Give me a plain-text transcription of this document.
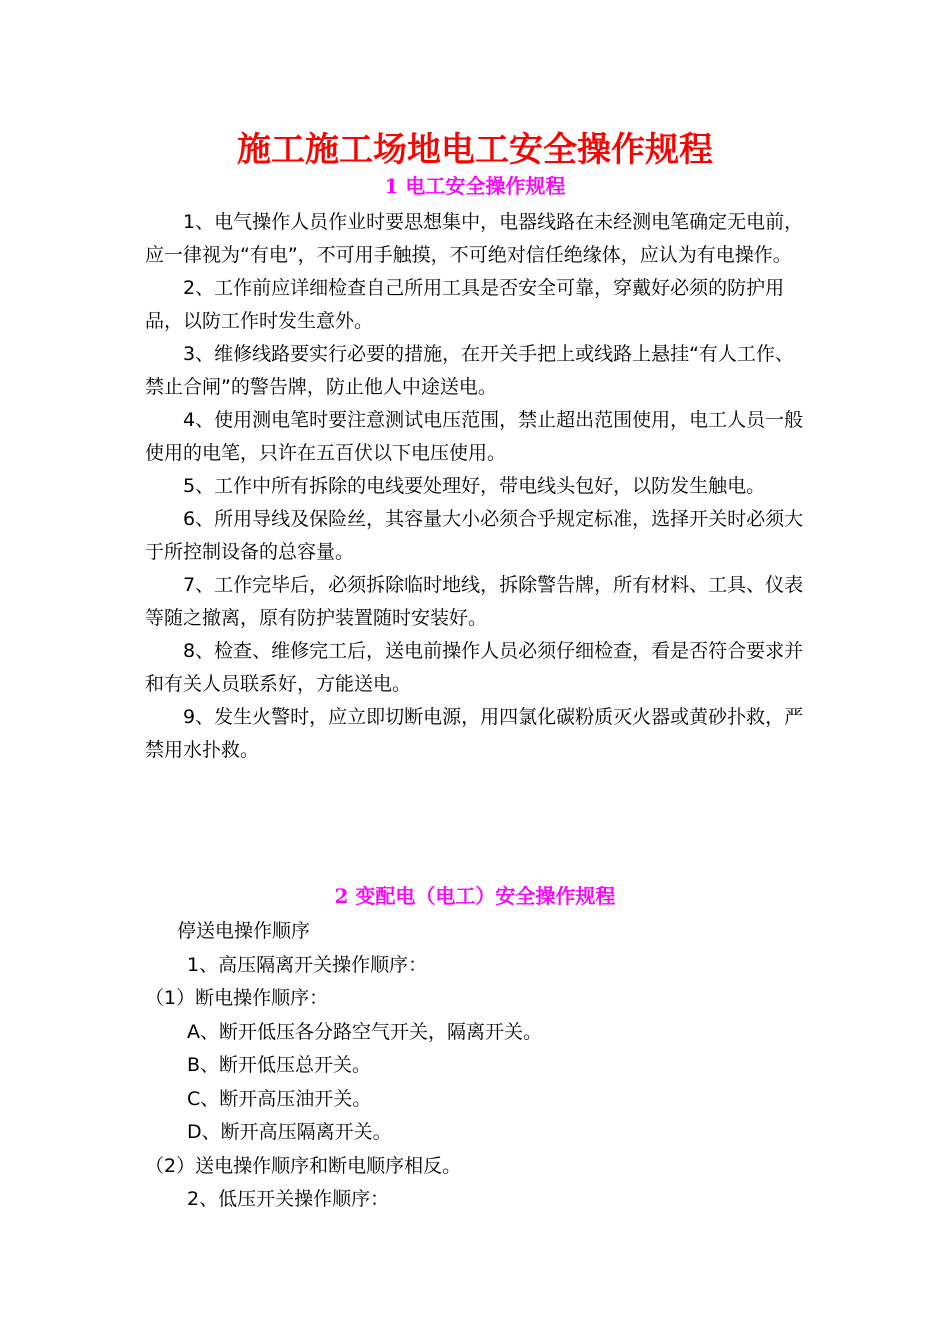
施工施工场地电工安全操作规程
1 电工安全操作规程

1、电气操作人员作业时要思想集中，电器线路在未经测电笔确定无电前，应一律视为“有电”，不可用手触摸，不可绝对信任绝缘体，应认为有电操作。

2、工作前应详细检查自己所用工具是否安全可靠，穿戴好必须的防护用品，以防工作时发生意外。

3、维修线路要实行必要的措施，在开关手把上或线路上悬挂“有人工作、禁止合闸”的警告牌，防止他人中途送电。

4、使用测电笔时要注意测试电压范围，禁止超出范围使用，电工人员一般使用的电笔，只许在五百伏以下电压使用。

5、工作中所有拆除的电线要处理好，带电线头包好，以防发生触电。

6、所用导线及保险丝，其容量大小必须合乎规定标准，选择开关时必须大于所控制设备的总容量。

7、工作完毕后，必须拆除临时地线，拆除警告牌，所有材料、工具、仪表等随之撤离，原有防护装置随时安装好。

8、检查、维修完工后，送电前操作人员必须仔细检查，看是否符合要求并和有关人员联系好，方能送电。

9、发生火警时，应立即切断电源，用四氯化碳粉质灭火器或黄砂扑救，严禁用水扑救。

2 变配电（电工）安全操作规程

停送电操作顺序

1、高压隔离开关操作顺序：

（1）断电操作顺序：

A、断开低压各分路空气开关，隔离开关。

B、断开低压总开关。

C、断开高压油开关。

D、断开高压隔离开关。

（2）送电操作顺序和断电顺序相反。

2、低压开关操作顺序：
